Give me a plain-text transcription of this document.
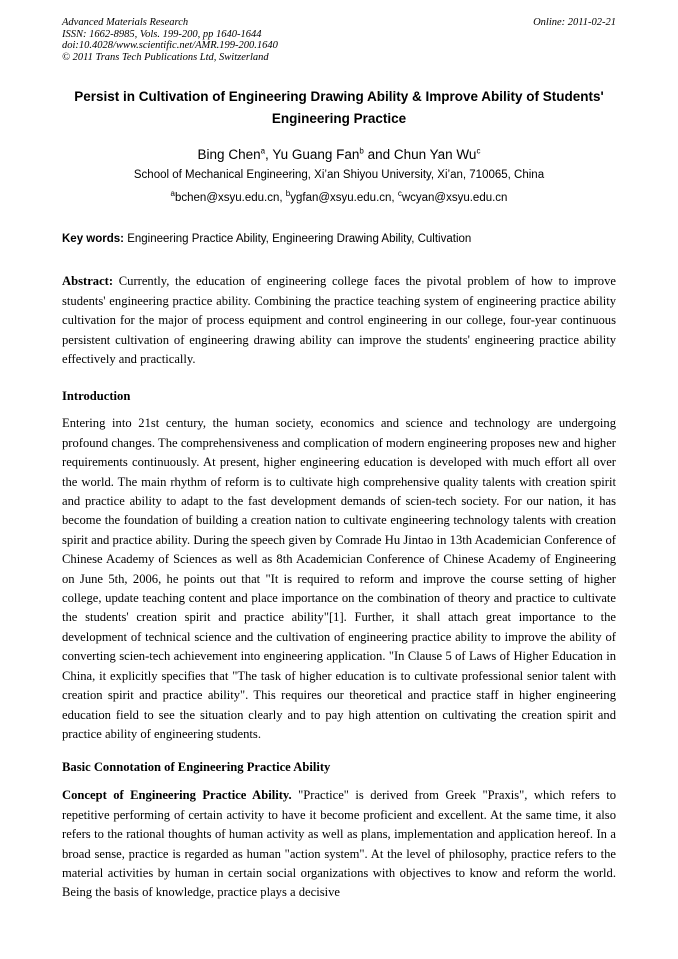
Advanced Materials Research
ISSN: 1662-8985, Vols. 199-200, pp 1640-1644
doi:10.4028/www.scientific.net/AMR.199-200.1640
© 2011 Trans Tech Publications Ltd, Switzerland
Online: 2011-02-21
Persist in Cultivation of Engineering Drawing Ability & Improve Ability of Students' Engineering Practice
Bing Chen$^a$, Yu Guang Fan$^b$ and Chun Yan Wu$^c$
School of Mechanical Engineering, Xi’an Shiyou University, Xi’an, 710065, China
$^a$bchen@xsyu.edu.cn, $^b$ygfan@xsyu.edu.cn, $^c$wcyan@xsyu.edu.cn
Key words: Engineering Practice Ability, Engineering Drawing Ability, Cultivation

Abstract: Currently, the education of engineering college faces the pivotal problem of how to improve students' engineering practice ability. Combining the practice teaching system of engineering practice ability cultivation for the major of process equipment and control engineering in our college, four-year continuous persistent cultivation of engineering drawing ability can improve the students' engineering practice ability effectively and practically.

Introduction

Entering into 21st century, the human society, economics and science and technology are undergoing profound changes. The comprehensiveness and complication of modern engineering proposes new and higher requirements continuously. At present, higher engineering education is developed with much effort all over the world. The main rhythm of reform is to cultivate high comprehensive quality talents with creation spirit and practice ability to adapt to the fast development demands of scien-tech society. For our nation, it has become the foundation of building a creation nation to cultivate engineering technology talents with creation spirit and practice ability. During the speech given by Comrade Hu Jintao in 13th Academician Conference of Chinese Academy of Sciences as well as 8th Academician Conference of Chinese Academy of Engineering on June 5th, 2006, he points out that "It is required to reform and improve the course setting of higher college, update teaching content and place importance on the combination of theory and practice to cultivate the students' creation spirit and practice ability"[1]. Further, it shall attach great importance to the development of technical science and the cultivation of engineering practice ability to improve the ability of converting scien-tech achievement into engineering application. "In Clause 5 of Laws of Higher Education in China, it explicitly specifies that "The task of higher education is to cultivate professional senior talent with creation spirit and practice ability". This requires our theoretical and practice staff in higher engineering education field to see the situation clearly and to pay high attention on cultivating the creation spirit and practice ability of engineering students.

Basic Connotation of Engineering Practice Ability

Concept of Engineering Practice Ability. "Practice" is derived from Greek "Praxis", which refers to repetitive performing of certain activity to have it become proficient and excellent. At the same time, it also refers to the rational thoughts of human activity as well as plans, implementation and application hereof. In a broad sense, practice is regarded as human "action system". At the level of philosophy, practice refers to the material activities by human in certain social organizations with objectives to know and reform the world. Being the basis of knowledge, practice plays a decisive
